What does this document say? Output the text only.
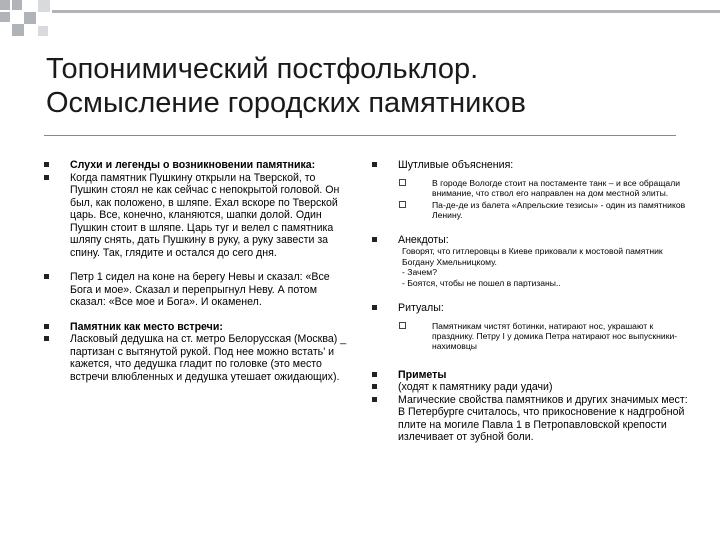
Топонимический постфольклор.
Осмысление городских памятников
Слухи и легенды о возникновении памятника:
Когда памятник Пушкину открыли на Тверской, то Пушкин стоял не как сейчас с непокрытой головой. Он был, как положено, в шляпе. Ехал вскоре по Тверской царь. Все, конечно, кланяются, шапки долой. Один Пушкин стоит в шляпе. Царь туг и велел с памятника шляпу снять, дать Пушкину в руку, а руку завести за спину. Так, глядите и остался до сего дня.
Петр 1 сидел на коне на берегу Невы и сказал: «Все Бога и мое». Сказал и перепрыгнул Неву. А потом сказал: «Все мое и Бога». И окаменел.
Памятник как место встречи:
Ласковый дедушка на ст. метро Белорусская (Москва) _ партизан с вытянутой рукой. Под нее можно встать' и кажется, что дедушка гладит по головке (это место встречи влюбленных и дедушка утешает ожидающих).
Шутливые объяснения:
В городе Вологде стоит на постаменте танк – и все обращали внимание, что ствол его направлен на дом местной элиты.
Па-де-де из балета «Апрельские тезисы» - один из памятников Ленину.
Анекдоты:
Говорят, что гитлеровцы в Киеве приковали к мостовой памятник Богдану Хмельницкому.
- Зачем?
- Боятся, чтобы не пошел в партизаны..
Ритуалы:
Памятникам чистят ботинки, натирают нос, украшают к празднику. Петру I у домика Петра натирают нос выпускники-нахимовцы
Приметы
(ходят к памятнику ради удачи)
Магические свойства памятников и других значимых мест: В Петербурге считалось, что прикосновение к надгробной плите на могиле Павла 1 в Петропавловской крепости излечивает от зубной боли.
